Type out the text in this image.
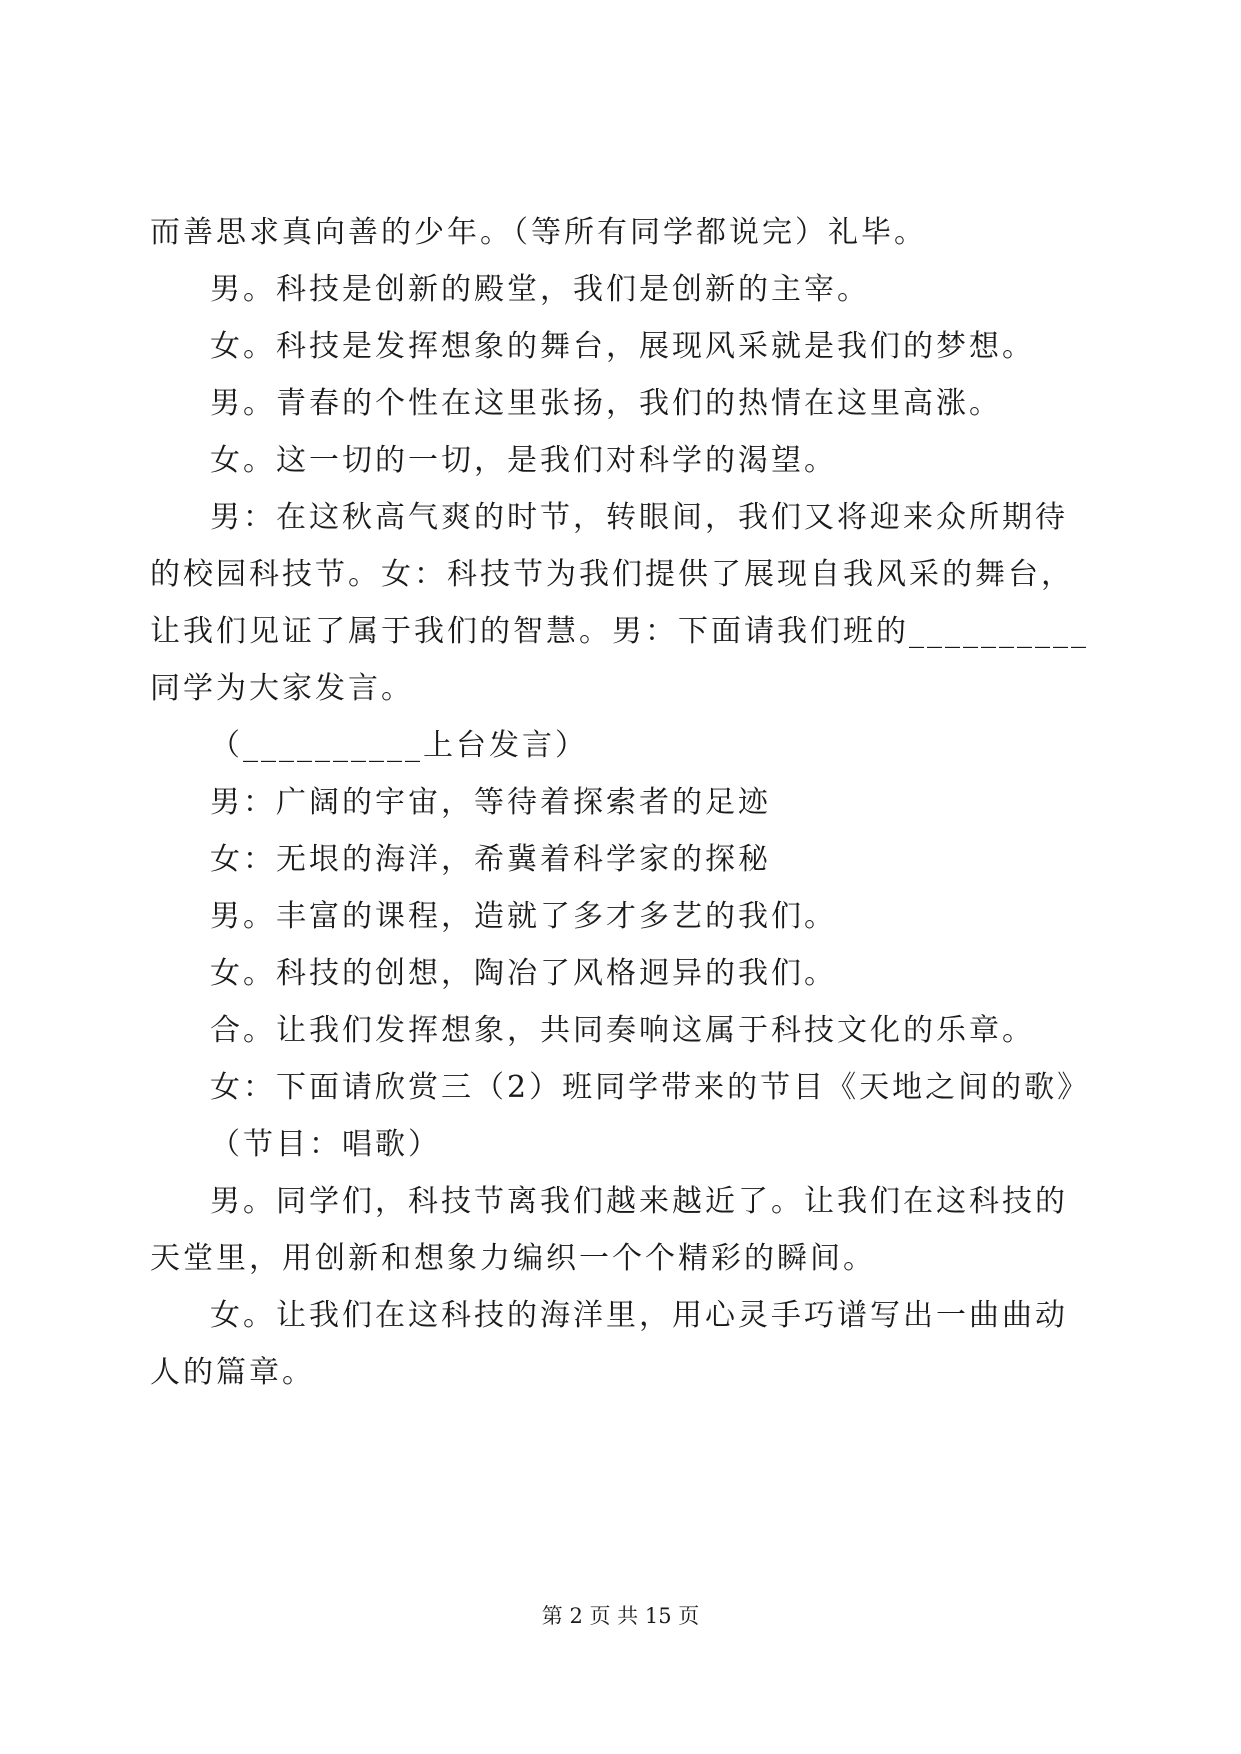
而善思求真向善的少年。（等所有同学都说完）礼毕。
男。科技是创新的殿堂，我们是创新的主宰。
女。科技是发挥想象的舞台，展现风采就是我们的梦想。
男。青春的个性在这里张扬，我们的热情在这里高涨。
女。这一切的一切，是我们对科学的渴望。
男：在这秋高气爽的时节，转眼间，我们又将迎来众所期待
的校园科技节。女：科技节为我们提供了展现自我风采的舞台，
让我们见证了属于我们的智慧。男：下面请我们班的__________
同学为大家发言。
（__________上台发言）
男：广阔的宇宙，等待着探索者的足迹
女：无垠的海洋，希冀着科学家的探秘
男。丰富的课程，造就了多才多艺的我们。
女。科技的创想，陶冶了风格迥异的我们。
合。让我们发挥想象，共同奏响这属于科技文化的乐章。
女：下面请欣赏三（2）班同学带来的节目《天地之间的歌》
（节目：唱歌）
男。同学们，科技节离我们越来越近了。让我们在这科技的
天堂里，用创新和想象力编织一个个精彩的瞬间。
女。让我们在这科技的海洋里，用心灵手巧谱写出一曲曲动
人的篇章。
第 2 页 共 15 页
